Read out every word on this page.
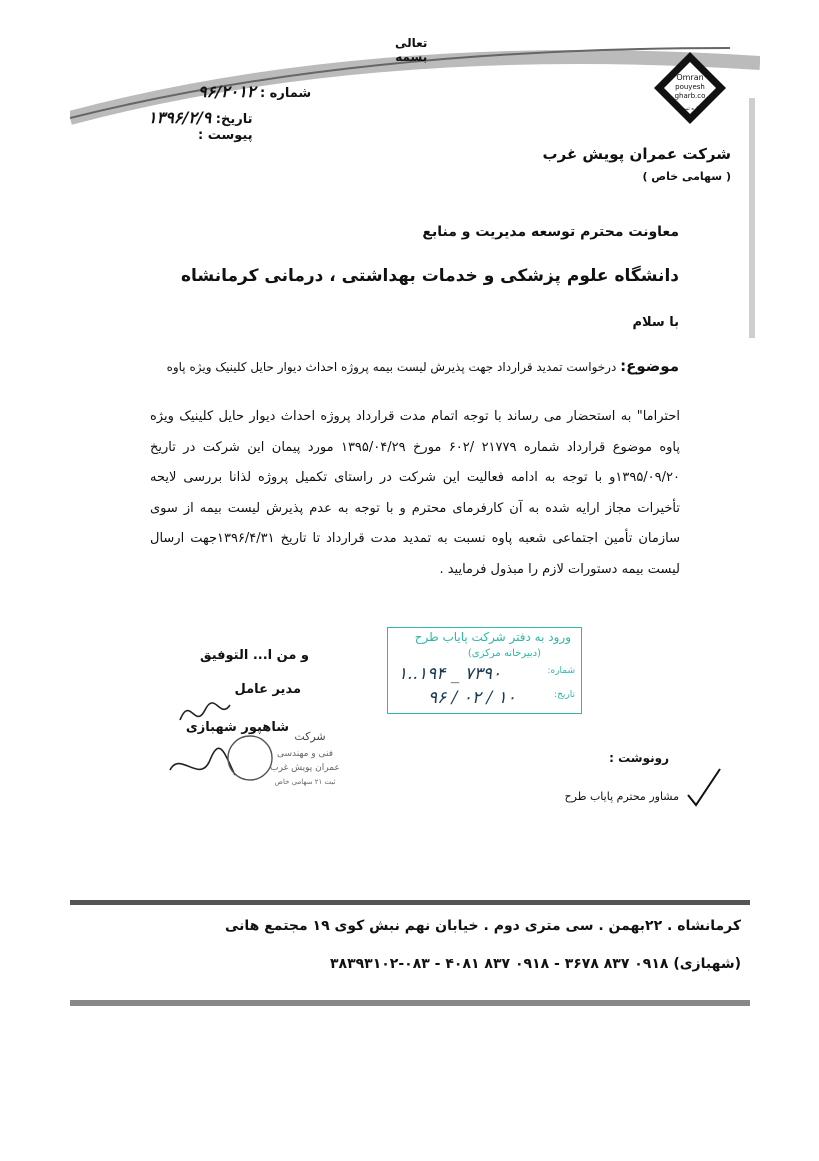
تعالی
بسمه
شماره : ۹۶/۲۰۱۲
تاریخ: ۱۳۹۶/۲/۹
پیوست :
Omran
pouyesh
gharb.co
شماره ثبت ۲۱
شرکت عمران پویش غرب
( سهامی خاص )
معاونت محترم توسعه مدیریت و منابع
دانشگاه علوم پزشکی و خدمات بهداشتی ، درمانی کرمانشاه
با سلام
موضوع: درخواست تمدید قرارداد جهت پذیرش لیست بیمه پروژه احداث دیوار حایل کلینیک ویژه پاوه
احتراما" به استحضار می رساند با توجه اتمام مدت قرارداد پروژه احداث دیوار حایل کلینیک ویژه پاوه موضوع قرارداد شماره ۲۱۷۷۹ /۶۰۲ مورخ ۱۳۹۵/۰۴/۲۹ مورد پیمان این شرکت در تاریخ ۱۳۹۵/۰۹/۲۰و با توجه به ادامه فعالیت این شرکت در راستای تکمیل پروژه لذانا بررسی لایحه تأخیرات مجاز ارایه شده به آن کارفرمای محترم و با توجه به عدم پذیرش لیست بیمه از سوی سازمان تأمین اجتماعی شعبه پاوه نسبت به تمدید مدت قرارداد تا تاریخ ۱۳۹۶/۴/۳۱جهت ارسال لیست بیمه دستورات لازم را مبذول فرمایید .
ورود به دفتر شرکت پایاب طرح
(دبیرخانه مرکزی)
شماره:
۱..۱۹۴ _ ۷۳۹۰
تاریخ:
۹۶ / ۰۲ / ۱۰
و من ا... التوفیق
مدیر عامل
شاهپور شهبازی
شرکت
فنی و مهندسی
عمران پویش غرب
ثبت ۲۱ سهامی خاص
رونوشت :
مشاور محترم پایاب طرح
کرمانشاه . ۲۲بهمن . سی متری دوم . خیابان نهم نبش کوی ۱۹ مجتمع هانی
(شهبازی) ۰۹۱۸ ۸۳۷ ۳۶۷۸ - ۰۹۱۸ ۸۳۷ ۴۰۸۱ - ۰۸۳-۳۸۳۹۳۱۰۲
